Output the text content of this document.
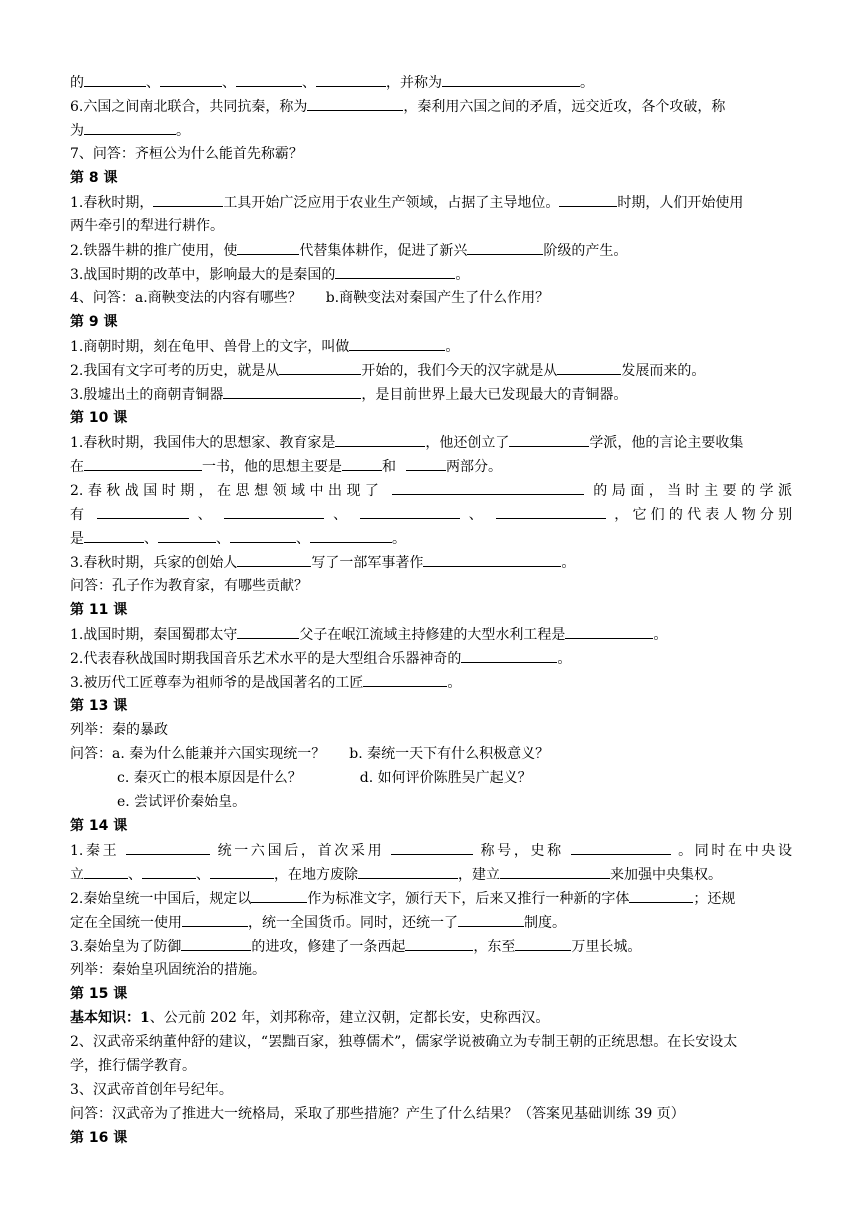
的	、	、	、	，并称为	。
6.六国之间南北联合，共同抗秦，称为	，秦利用六国之间的矛盾，远交近攻，各个攻破，称
为	。
7、问答：齐桓公为什么能首先称霸？
第 8 课
1.春秋时期，	工具开始广泛应用于农业生产领域，占据了主导地位。	时期，人们开始使用
两牛牵引的犁进行耕作。
2.铁器牛耕的推广使用，使	代替集体耕作，促进了新兴	阶级的产生。
3.战国时期的改革中，影响最大的是秦国的	。
4、问答：a.商鞅变法的内容有哪些？ b.商鞅变法对秦国产生了什么作用？
第 9 课
1.商朝时期，刻在龟甲、兽骨上的文字，叫做	。
2.我国有文字可考的历史，就是从	开始的，我们今天的汉字就是从	发展而来的。
3.殷墟出土的商朝青铜器	，是目前世界上最大已发现最大的青铜器。
第 10 课
1.春秋时期，我国伟大的思想家、教育家是	，他还创立了	学派，他的言论主要收集
在	一书，他的思想主要是	和	两部分。
2.春秋战国时期，在思想领域中出现了	的局面，当时主要的学派
有	、	、	、	，它们的代表人物分别
是	、	、	、	。
3.春秋时期，兵家的创始人	写了一部军事著作	。
问答：孔子作为教育家，有哪些贡献？
第 11 课
1.战国时期，秦国蜀郡太守	父子在岷江流域主持修建的大型水利工程是	。
2.代表春秋战国时期我国音乐艺术水平的是大型组合乐器神奇的	。
3.被历代工匠尊奉为祖师爷的是战国著名的工匠	。
第 13 课
列举：秦的暴政
问答：a. 秦为什么能兼并六国实现统一？ b. 秦统一天下有什么积极意义？
c. 秦灭亡的根本原因是什么？	d. 如何评价陈胜吴广起义？
e. 尝试评价秦始皇。
第 14 课
1.秦王	统一六国后，首次采用	称号，史称	。同时在中央设
立	、	、	，在地方废除	，建立	来加强中央集权。
2.秦始皇统一中国后，规定以	作为标准文字，颁行天下，后来又推行一种新的字体	；还规
定在全国统一使用	，统一全国货币。同时，还统一了	制度。
3.秦始皇为了防御	的进攻，修建了一条西起	，东至	万里长城。
列举：秦始皇巩固统治的措施。
第 15 课
基本知识：1、公元前 202 年，刘邦称帝，建立汉朝，定都长安，史称西汉。
2、汉武帝采纳董仲舒的建议，“罢黜百家，独尊儒术”，儒家学说被确立为专制王朝的正统思想。在长安设太
学，推行儒学教育。
3、汉武帝首创年号纪年。
问答：汉武帝为了推进大一统格局，采取了那些措施？产生了什么结果？（答案见基础训练 39 页）
第 16 课
